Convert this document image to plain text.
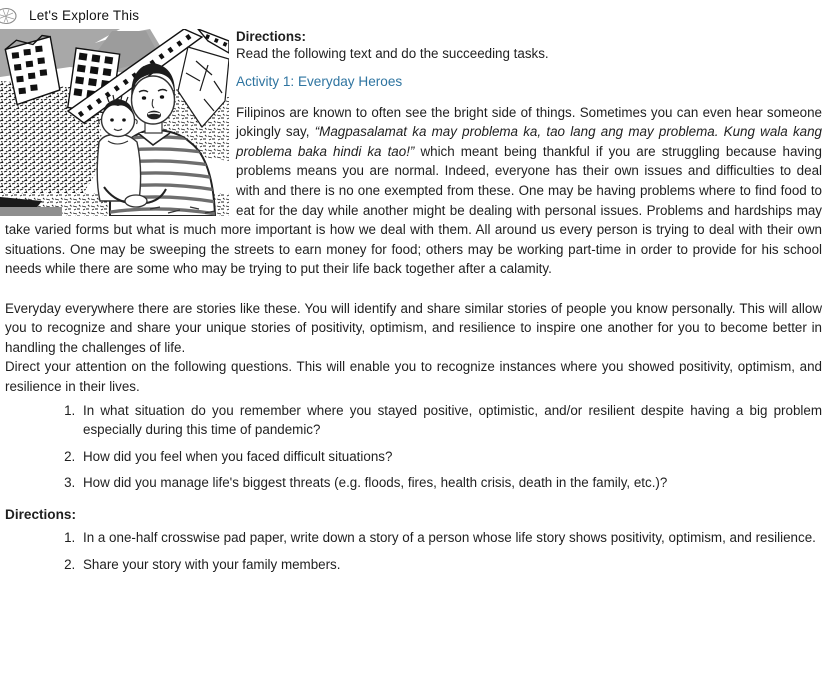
Let's Explore This

Directions:

Read the following text and do the succeeding tasks.

Activity 1: Everyday Heroes

Filipinos are known to often see the bright side of things. Sometimes you can even hear someone jokingly say, “Magpasalamat ka may problema ka, tao lang ang may problema. Kung wala kang problema baka hindi ka tao!” which meant being thankful if you are struggling because having problems means you are normal. Indeed, everyone has their own issues and difficulties to deal with and there is no one exempted from these. One may be having problems where to find food to eat for the day while another might be dealing with personal issues. Problems and hardships may take varied forms but what is much more important is how we deal with them. All around us every person is trying to deal with their own situations. One may be sweeping the streets to earn money for food; others may be working part-time in order to provide for his school needs while there are some who may be trying to put their life back together after a calamity.

Everyday everywhere there are stories like these. You will identify and share similar stories of people you know personally. This will allow you to recognize and share your unique stories of positivity, optimism, and resilience to inspire one another for you to become better in handling the challenges of life.

Direct your attention on the following questions. This will enable you to recognize instances where you showed positivity, optimism, and resilience in their lives.

1. In what situation do you remember where you stayed positive, optimistic, and/or resilient despite having a big problem especially during this time of pandemic?
2. How did you feel when you faced difficult situations?
3. How did you manage life's biggest threats (e.g. floods, fires, health crisis, death in the family, etc.)?

Directions:

1. In a one-half crosswise pad paper, write down a story of a person whose life story shows positivity, optimism, and resilience.
2. Share your story with your family members.
